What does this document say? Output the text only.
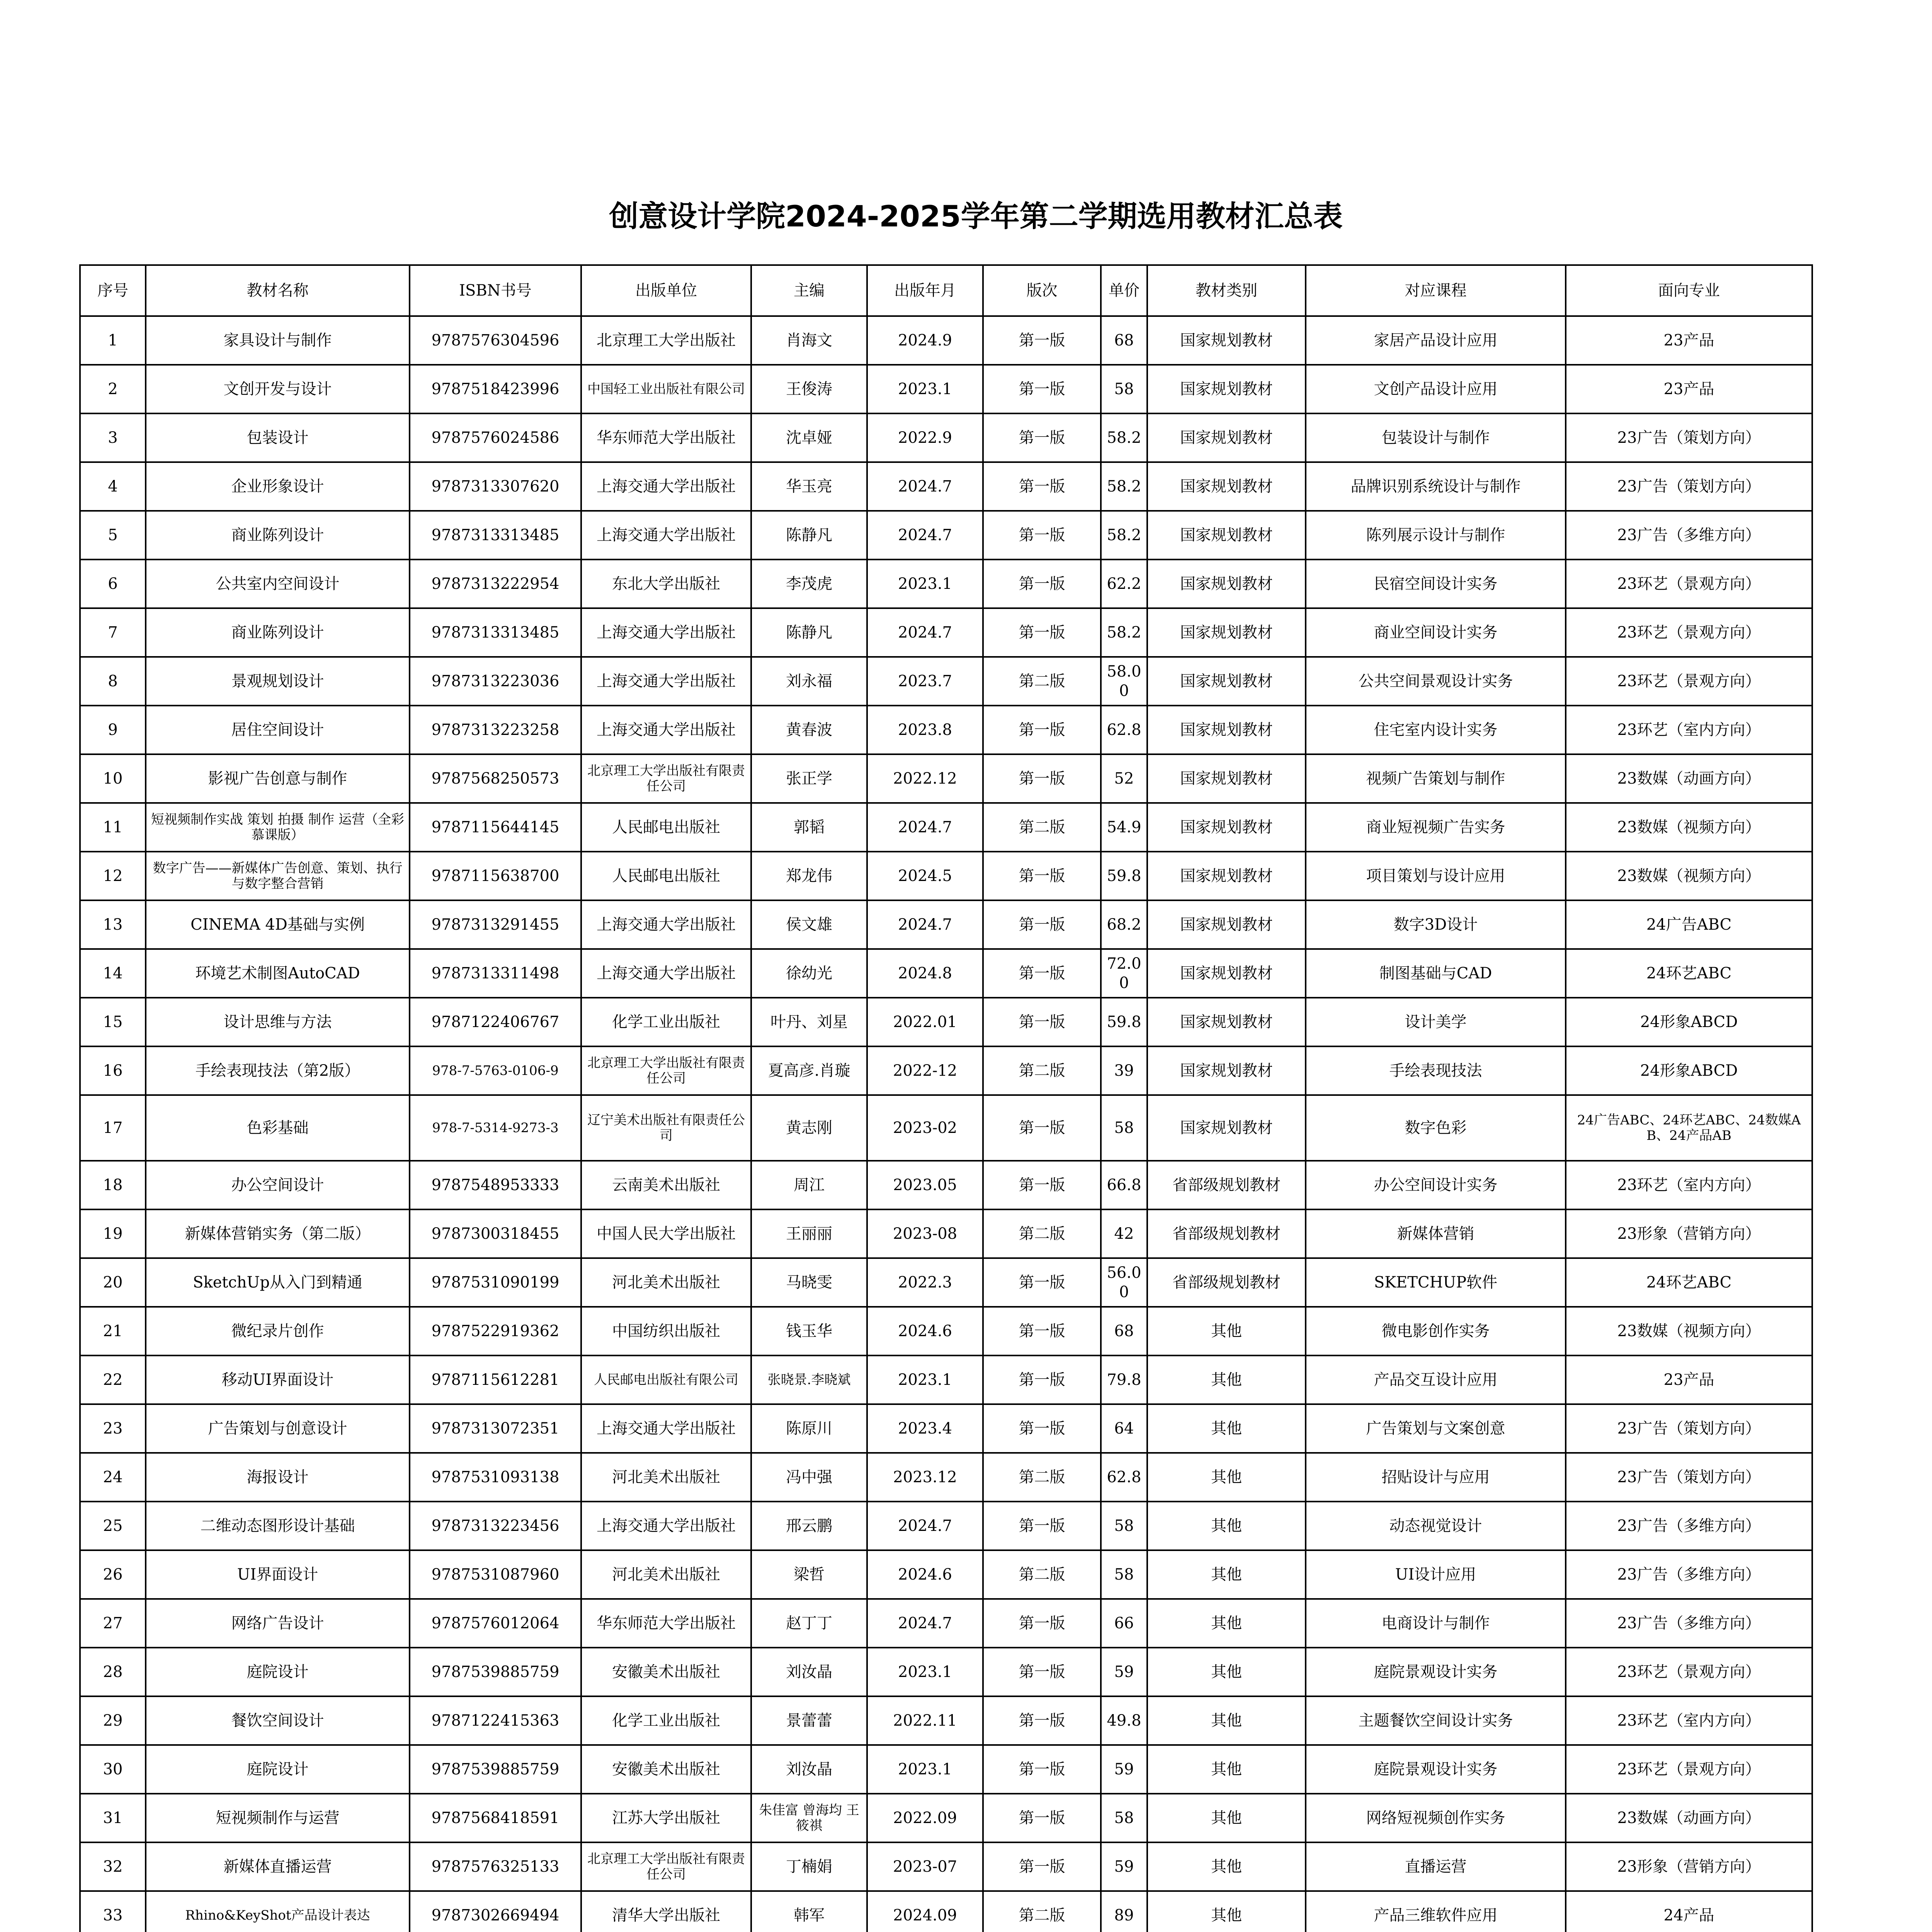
创意设计学院2024-2025学年第二学期选用教材汇总表
序号	教材名称	ISBN书号	出版单位	主编	出版年月	版次	单价	教材类别	对应课程	面向专业
1	家具设计与制作	9787576304596	北京理工大学出版社	肖海文	2024.9	第一版	68	国家规划教材	家居产品设计应用	23产品
2	文创开发与设计	9787518423996	中国轻工业出版社有限公司	王俊涛	2023.1	第一版	58	国家规划教材	文创产品设计应用	23产品
3	包装设计	9787576024586	华东师范大学出版社	沈卓娅	2022.9	第一版	58.2	国家规划教材	包装设计与制作	23广告（策划方向）
4	企业形象设计	9787313307620	上海交通大学出版社	华玉亮	2024.7	第一版	58.2	国家规划教材	品牌识别系统设计与制作	23广告（策划方向）
5	商业陈列设计	9787313313485	上海交通大学出版社	陈静凡	2024.7	第一版	58.2	国家规划教材	陈列展示设计与制作	23广告（多维方向）
6	公共室内空间设计	9787313222954	东北大学出版社	李茂虎	2023.1	第一版	62.2	国家规划教材	民宿空间设计实务	23环艺（景观方向）
7	商业陈列设计	9787313313485	上海交通大学出版社	陈静凡	2024.7	第一版	58.2	国家规划教材	商业空间设计实务	23环艺（景观方向）
8	景观规划设计	9787313223036	上海交通大学出版社	刘永福	2023.7	第二版	58.00	国家规划教材	公共空间景观设计实务	23环艺（景观方向）
9	居住空间设计	9787313223258	上海交通大学出版社	黄春波	2023.8	第一版	62.8	国家规划教材	住宅室内设计实务	23环艺（室内方向）
10	影视广告创意与制作	9787568250573	北京理工大学出版社有限责任公司	张正学	2022.12	第一版	52	国家规划教材	视频广告策划与制作	23数媒（动画方向）
11	短视频制作实战 策划 拍摄 制作 运营（全彩慕课版）	9787115644145	人民邮电出版社	郭韬	2024.7	第二版	54.9	国家规划教材	商业短视频广告实务	23数媒（视频方向）
12	数字广告——新媒体广告创意、策划、执行与数字整合营销	9787115638700	人民邮电出版社	郑龙伟	2024.5	第一版	59.8	国家规划教材	项目策划与设计应用	23数媒（视频方向）
13	CINEMA 4D基础与实例	9787313291455	上海交通大学出版社	侯文雄	2024.7	第一版	68.2	国家规划教材	数字3D设计	24广告ABC
14	环境艺术制图AutoCAD	9787313311498	上海交通大学出版社	徐幼光	2024.8	第一版	72.00	国家规划教材	制图基础与CAD	24环艺ABC
15	设计思维与方法	9787122406767	化学工业出版社	叶丹、刘星	2022.01	第一版	59.8	国家规划教材	设计美学	24形象ABCD
16	手绘表现技法（第2版）	978-7-5763-0106-9	北京理工大学出版社有限责任公司	夏高彦.肖璇	2022-12	第二版	39	国家规划教材	手绘表现技法	24形象ABCD
17	色彩基础	978-7-5314-9273-3	辽宁美术出版社有限责任公司	黄志刚	2023-02	第一版	58	国家规划教材	数字色彩	24广告ABC、24环艺ABC、24数媒AB、24产品AB
18	办公空间设计	9787548953333	云南美术出版社	周江	2023.05	第一版	66.8	省部级规划教材	办公空间设计实务	23环艺（室内方向）
19	新媒体营销实务（第二版）	9787300318455	中国人民大学出版社	王丽丽	2023-08	第二版	42	省部级规划教材	新媒体营销	23形象（营销方向）
20	SketchUp从入门到精通	9787531090199	河北美术出版社	马晓雯	2022.3	第一版	56.00	省部级规划教材	SKETCHUP软件	24环艺ABC
21	微纪录片创作	9787522919362	中国纺织出版社	钱玉华	2024.6	第一版	68	其他	微电影创作实务	23数媒（视频方向）
22	移动UI界面设计	9787115612281	人民邮电出版社有限公司	张晓景.李晓斌	2023.1	第一版	79.8	其他	产品交互设计应用	23产品
23	广告策划与创意设计	9787313072351	上海交通大学出版社	陈原川	2023.4	第一版	64	其他	广告策划与文案创意	23广告（策划方向）
24	海报设计	9787531093138	河北美术出版社	冯中强	2023.12	第二版	62.8	其他	招贴设计与应用	23广告（策划方向）
25	二维动态图形设计基础	9787313223456	上海交通大学出版社	邢云鹏	2024.7	第一版	58	其他	动态视觉设计	23广告（多维方向）
26	UI界面设计	9787531087960	河北美术出版社	梁哲	2024.6	第二版	58	其他	UI设计应用	23广告（多维方向）
27	网络广告设计	9787576012064	华东师范大学出版社	赵丁丁	2024.7	第一版	66	其他	电商设计与制作	23广告（多维方向）
28	庭院设计	9787539885759	安徽美术出版社	刘汝晶	2023.1	第一版	59	其他	庭院景观设计实务	23环艺（景观方向）
29	餐饮空间设计	9787122415363	化学工业出版社	景蕾蕾	2022.11	第一版	49.8	其他	主题餐饮空间设计实务	23环艺（室内方向）
30	庭院设计	9787539885759	安徽美术出版社	刘汝晶	2023.1	第一版	59	其他	庭院景观设计实务	23环艺（景观方向）
31	短视频制作与运营	9787568418591	江苏大学出版社	朱佳富 曾海均 王筱祺	2022.09	第一版	58	其他	网络短视频创作实务	23数媒（动画方向）
32	新媒体直播运营	9787576325133	北京理工大学出版社有限责任公司	丁楠娟	2023-07	第一版	59	其他	直播运营	23形象（营销方向）
33	Rhino&KeyShot产品设计表达	9787302669494	清华大学出版社	韩军	2024.09	第二版	89	其他	产品三维软件应用	24产品
